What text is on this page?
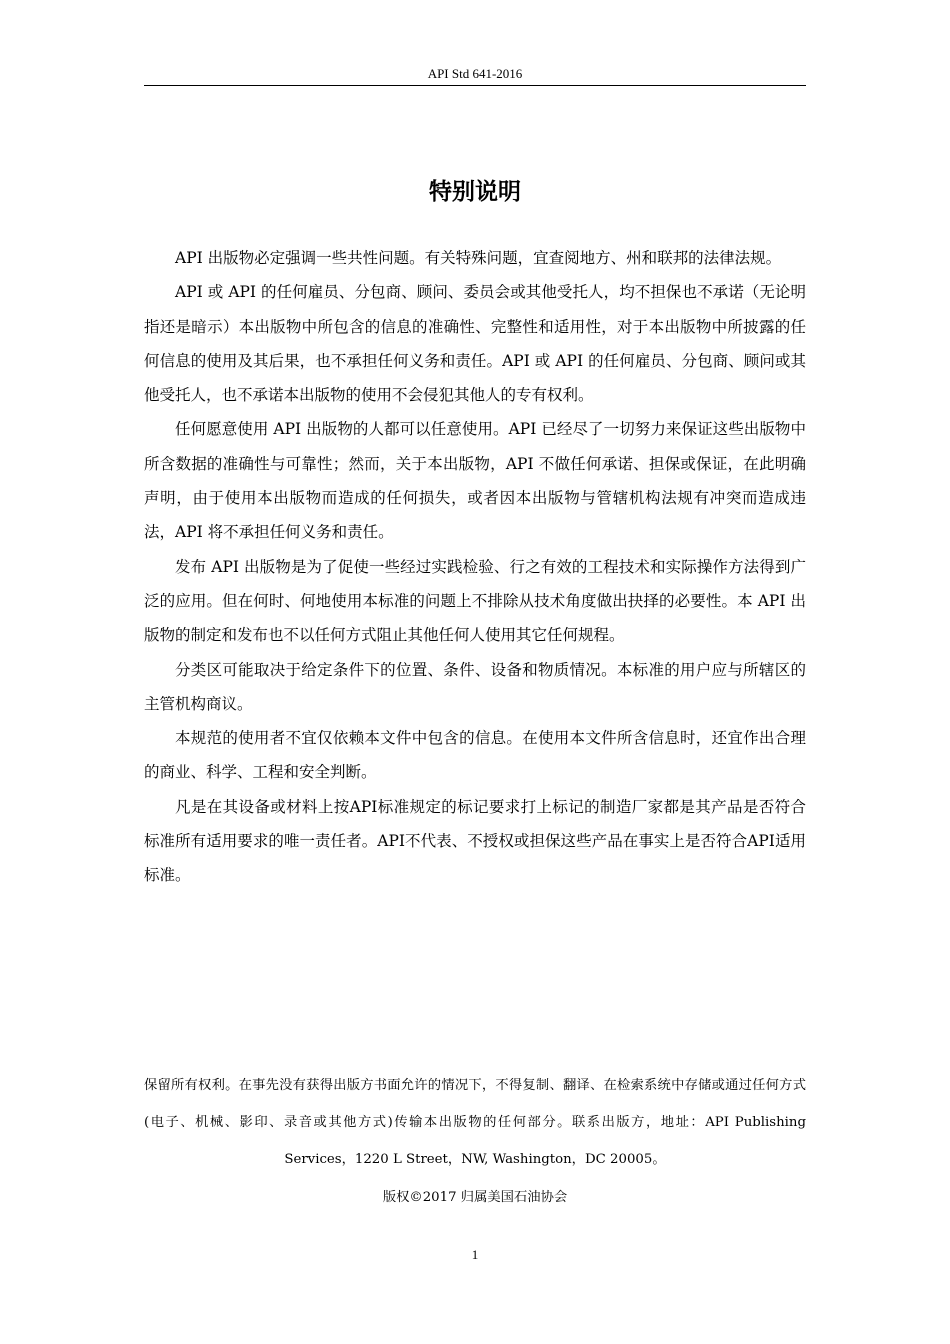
API Std 641-2016
特别说明

API 出版物必定强调一些共性问题。有关特殊问题，宜查阅地方、州和联邦的法律法规。

API 或 API 的任何雇员、分包商、顾问、委员会或其他受托人，均不担保也不承诺（无论明指还是暗示）本出版物中所包含的信息的准确性、完整性和适用性，对于本出版物中所披露的任何信息的使用及其后果，也不承担任何义务和责任。API 或 API 的任何雇员、分包商、顾问或其他受托人，也不承诺本出版物的使用不会侵犯其他人的专有权利。

任何愿意使用 API 出版物的人都可以任意使用。API 已经尽了一切努力来保证这些出版物中所含数据的准确性与可靠性；然而，关于本出版物，API 不做任何承诺、担保或保证，在此明确声明，由于使用本出版物而造成的任何损失，或者因本出版物与管辖机构法规有冲突而造成违法，API 将不承担任何义务和责任。

发布 API 出版物是为了促使一些经过实践检验、行之有效的工程技术和实际操作方法得到广泛的应用。但在何时、何地使用本标准的问题上不排除从技术角度做出抉择的必要性。本 API 出版物的制定和发布也不以任何方式阻止其他任何人使用其它任何规程。

分类区可能取决于给定条件下的位置、条件、设备和物质情况。本标准的用户应与所辖区的主管机构商议。

本规范的使用者不宜仅依赖本文件中包含的信息。在使用本文件所含信息时，还宜作出合理的商业、科学、工程和安全判断。

凡是在其设备或材料上按API标准规定的标记要求打上标记的制造厂家都是其产品是否符合标准所有适用要求的唯一责任者。API不代表、不授权或担保这些产品在事实上是否符合API适用标准。

保留所有权利。在事先没有获得出版方书面允许的情况下，不得复制、翻译、在检索系统中存储或通过任何方式(电子、机械、影印、录音或其他方式)传输本出版物的任何部分。联系出版方，地址：API Publishing Services，1220 L Street，NW, Washington，DC 20005。

版权©2017 归属美国石油协会

1
